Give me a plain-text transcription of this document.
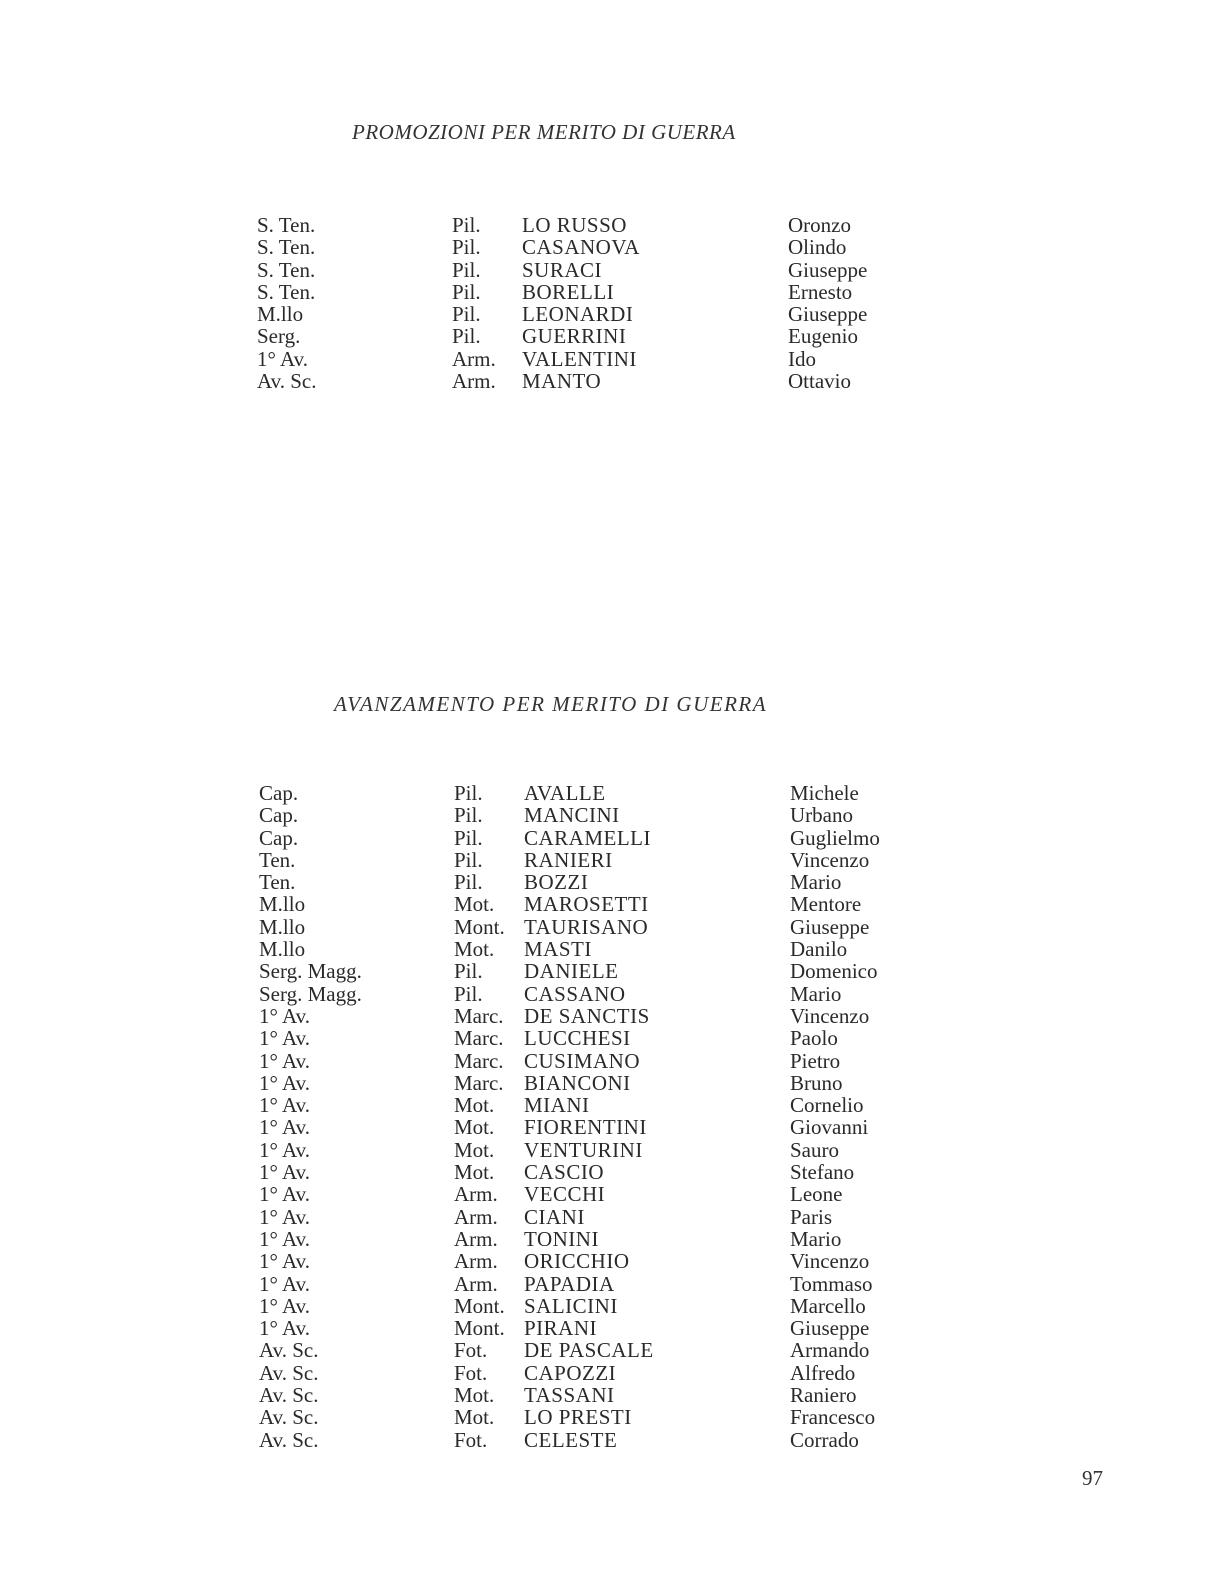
PROMOZIONI PER MERITO DI GUERRA
S. Ten.	Pil. LO RUSSO	Oronzo
S. Ten.	Pil. CASANOVA	Olindo
S. Ten.	Pil. SURACI	Giuseppe
S. Ten.	Pil. BORELLI	Ernesto
M.llo	Pil. LEONARDI	Giuseppe
Serg.	Pil. GUERRINI	Eugenio
1° Av.	Arm. VALENTINI	Ido
Av. Sc.	Arm. MANTO	Ottavio
AVANZAMENTO PER MERITO DI GUERRA
Cap.	Pil. AVALLE	Michele
Cap.	Pil. MANCINI	Urbano
Cap.	Pil. CARAMELLI	Guglielmo
Ten.	Pil. RANIERI	Vincenzo
Ten.	Pil. BOZZI	Mario
M.llo	Mot. MAROSETTI	Mentore
M.llo	Mont. TAURISANO	Giuseppe
M.llo	Mot. MASTI	Danilo
Serg. Magg.	Pil. DANIELE	Domenico
Serg. Magg.	Pil. CASSANO	Mario
1° Av.	Marc. DE SANCTIS	Vincenzo
1° Av.	Marc. LUCCHESI	Paolo
1° Av.	Marc. CUSIMANO	Pietro
1° Av.	Marc. BIANCONI	Bruno
1° Av.	Mot. MIANI	Cornelio
1° Av.	Mot. FIORENTINI	Giovanni
1° Av.	Mot. VENTURINI	Sauro
1° Av.	Mot. CASCIO	Stefano
1° Av.	Arm. VECCHI	Leone
1° Av.	Arm. CIANI	Paris
1° Av.	Arm. TONINI	Mario
1° Av.	Arm. ORICCHIO	Vincenzo
1° Av.	Arm. PAPADIA	Tommaso
1° Av.	Mont. SALICINI	Marcello
1° Av.	Mont. PIRANI	Giuseppe
Av. Sc.	Fot. DE PASCALE	Armando
Av. Sc.	Fot. CAPOZZI	Alfredo
Av. Sc.	Mot. TASSANI	Raniero
Av. Sc.	Mot. LO PRESTI	Francesco
Av. Sc.	Fot. CELESTE	Corrado
97
